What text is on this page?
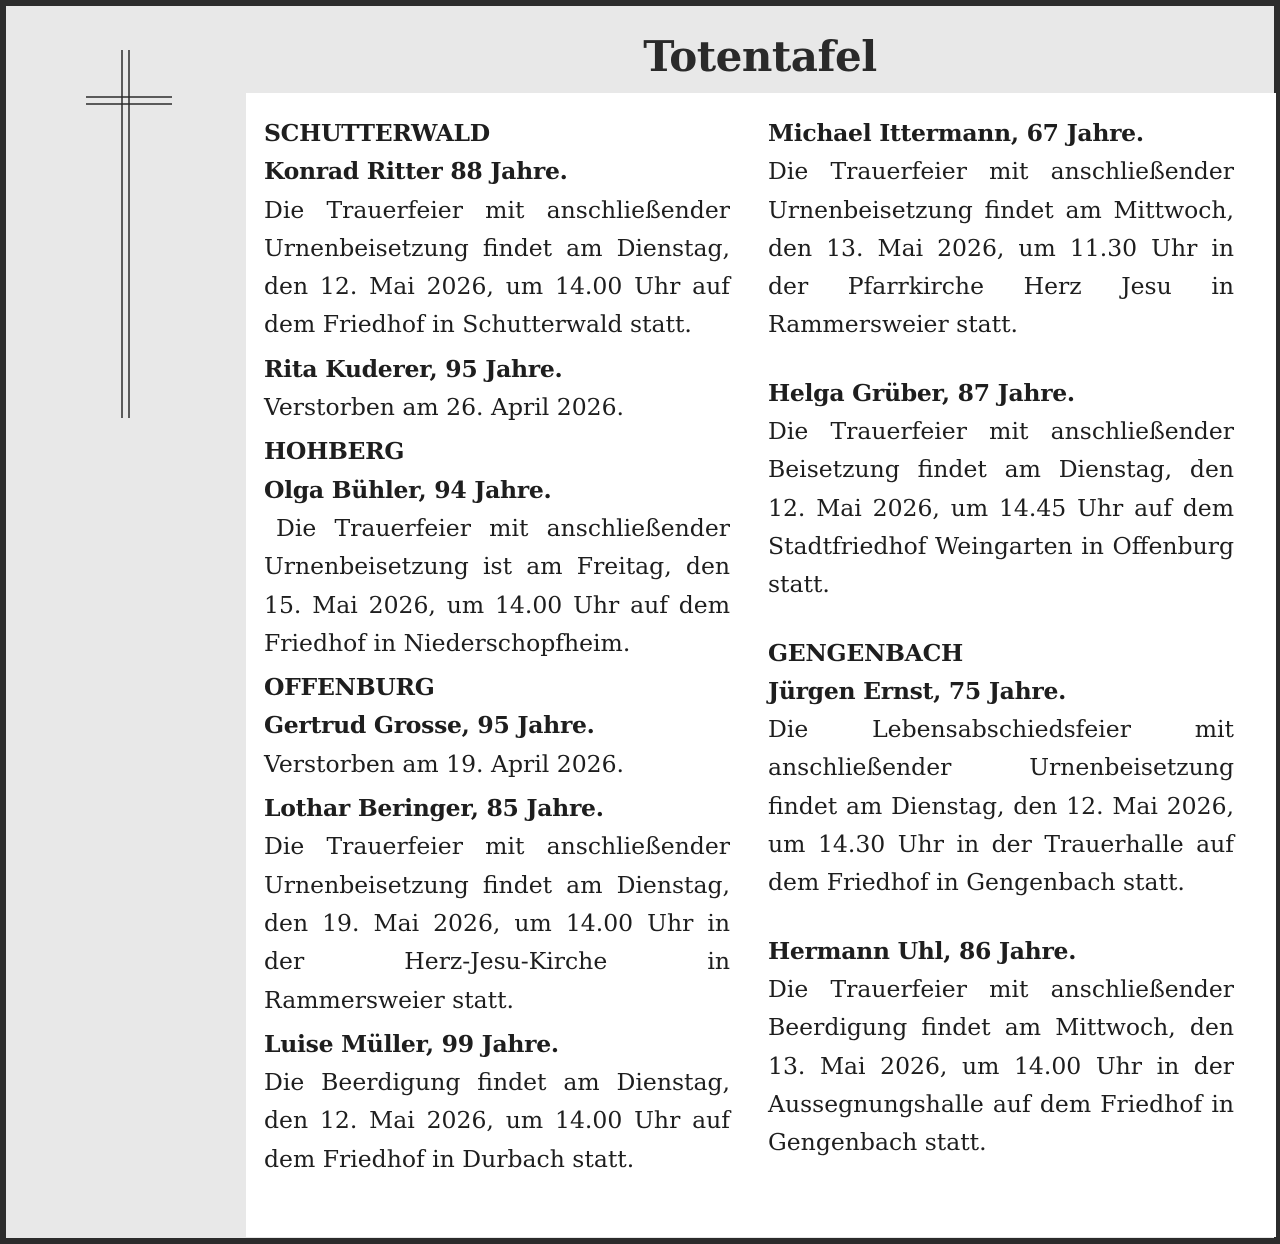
Totentafel
SCHUTTERWALD
Konrad Ritter 88 Jahre.
Die Trauerfeier mit anschließender Urnenbeisetzung findet am Dienstag, den 12. Mai 2026, um 14.00 Uhr auf dem Friedhof in Schutterwald statt.
Rita Kuderer, 95 Jahre.
Verstorben am 26. April 2026.
HOHBERG
Olga Bühler, 94 Jahre.
Die Trauerfeier mit anschließender Urnenbeisetzung ist am Freitag, den 15. Mai 2026, um 14.00 Uhr auf dem Friedhof in Niederschopfheim.
OFFENBURG
Gertrud Grosse, 95 Jahre.
Verstorben am 19. April 2026.
Lothar Beringer, 85 Jahre.
Die Trauerfeier mit anschließender Urnenbeisetzung findet am Dienstag, den 19. Mai 2026, um 14.00 Uhr in der Herz-Jesu-Kirche in Rammersweier statt.
Luise Müller, 99 Jahre.
Die Beerdigung findet am Dienstag, den 12. Mai 2026, um 14.00 Uhr auf dem Friedhof in Durbach statt.
Michael Ittermann, 67 Jahre.
Die Trauerfeier mit anschließender Urnenbeisetzung findet am Mittwoch, den 13. Mai 2026, um 11.30 Uhr in der Pfarrkirche Herz Jesu in Rammersweier statt.
Helga Grüber, 87 Jahre.
Die Trauerfeier mit anschließender Beisetzung findet am Dienstag, den 12. Mai 2026, um 14.45 Uhr auf dem Stadtfriedhof Weingarten in Offenburg statt.
GENGENBACH
Jürgen Ernst, 75 Jahre.
Die Lebensabschiedsfeier mit anschließender Urnenbeisetzung findet am Dienstag, den 12. Mai 2026, um 14.30 Uhr in der Trauerhalle auf dem Friedhof in Gengenbach statt.
Hermann Uhl, 86 Jahre.
Die Trauerfeier mit anschließender Beerdigung findet am Mittwoch, den 13. Mai 2026, um 14.00 Uhr in der Aussegnungshalle auf dem Friedhof in Gengenbach statt.
